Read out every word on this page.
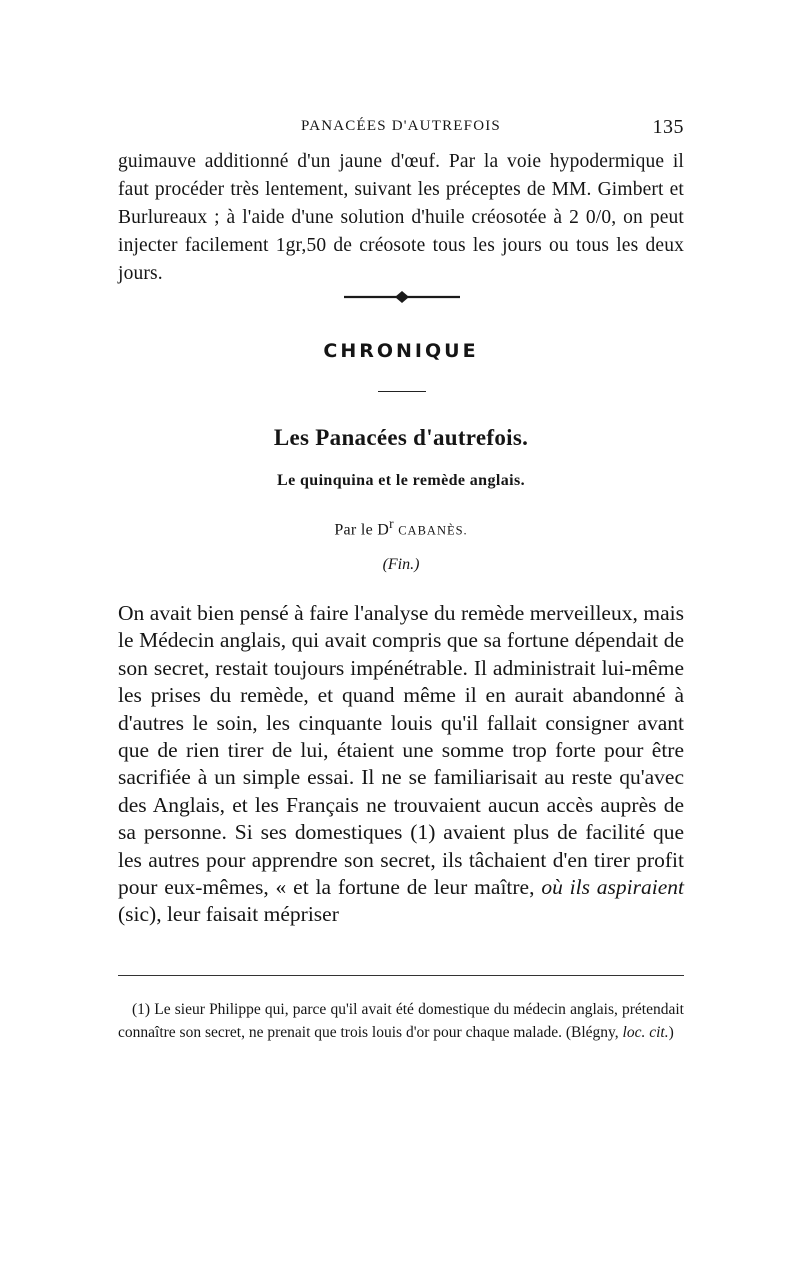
PANACÉES D'AUTREFOIS	135
guimauve additionné d'un jaune d'œuf. Par la voie hypodermique il faut procéder très lentement, suivant les préceptes de MM. Gimbert et Burlureaux ; à l'aide d'une solution d'huile créosotée à 2 0/0, on peut injecter facilement 1gr,50 de créosote tous les jours ou tous les deux jours.
CHRONIQUE
Les Panacées d'autrefois.
Le quinquina et le remède anglais.
Par le $D^r$ CABANÈS.
(Fin.)
On avait bien pensé à faire l'analyse du remède merveilleux, mais le Médecin anglais, qui avait compris que sa fortune dépendait de son secret, restait toujours impénétrable. Il administrait lui-même les prises du remède, et quand même il en aurait abandonné à d'autres le soin, les cinquante louis qu'il fallait consigner avant que de rien tirer de lui, étaient une somme trop forte pour être sacrifiée à un simple essai. Il ne se familiarisait au reste qu'avec des Anglais, et les Français ne trouvaient aucun accès auprès de sa personne. Si ses domestiques (1) avaient plus de facilité que les autres pour apprendre son secret, ils tâchaient d'en tirer profit pour eux-mêmes, « et la fortune de leur maître, où ils aspiraient (sic), leur faisait mépriser
(1) Le sieur Philippe qui, parce qu'il avait été domestique du médecin anglais, prétendait connaître son secret, ne prenait que trois louis d'or pour chaque malade. (Blégny, loc. cit.)
